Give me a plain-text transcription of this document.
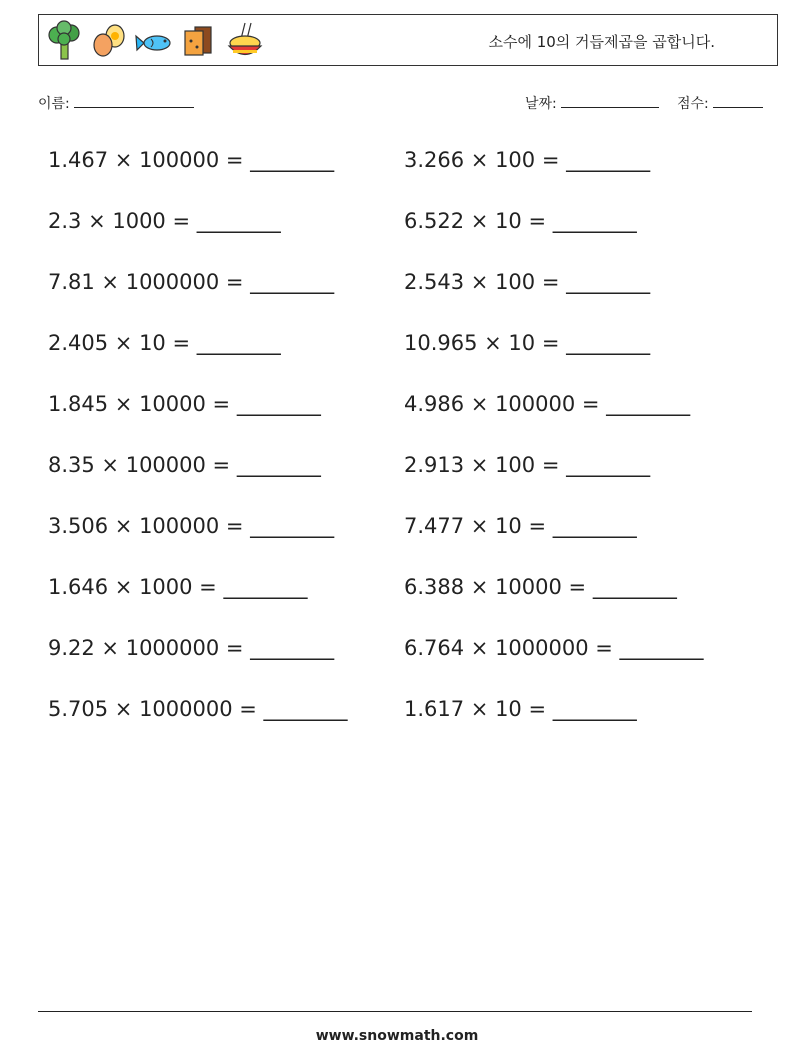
소수에 10의 거듭제곱을 곱합니다.
이름:	날짜:	점수:
1.467 × 100000 = ________
2.3 × 1000 = ________
7.81 × 1000000 = ________
2.405 × 10 = ________
1.845 × 10000 = ________
8.35 × 100000 = ________
3.506 × 100000 = ________
1.646 × 1000 = ________
9.22 × 1000000 = ________
5.705 × 1000000 = ________
3.266 × 100 = ________
6.522 × 10 = ________
2.543 × 100 = ________
10.965 × 10 = ________
4.986 × 100000 = ________
2.913 × 100 = ________
7.477 × 10 = ________
6.388 × 10000 = ________
6.764 × 1000000 = ________
1.617 × 10 = ________
www.snowmath.com
